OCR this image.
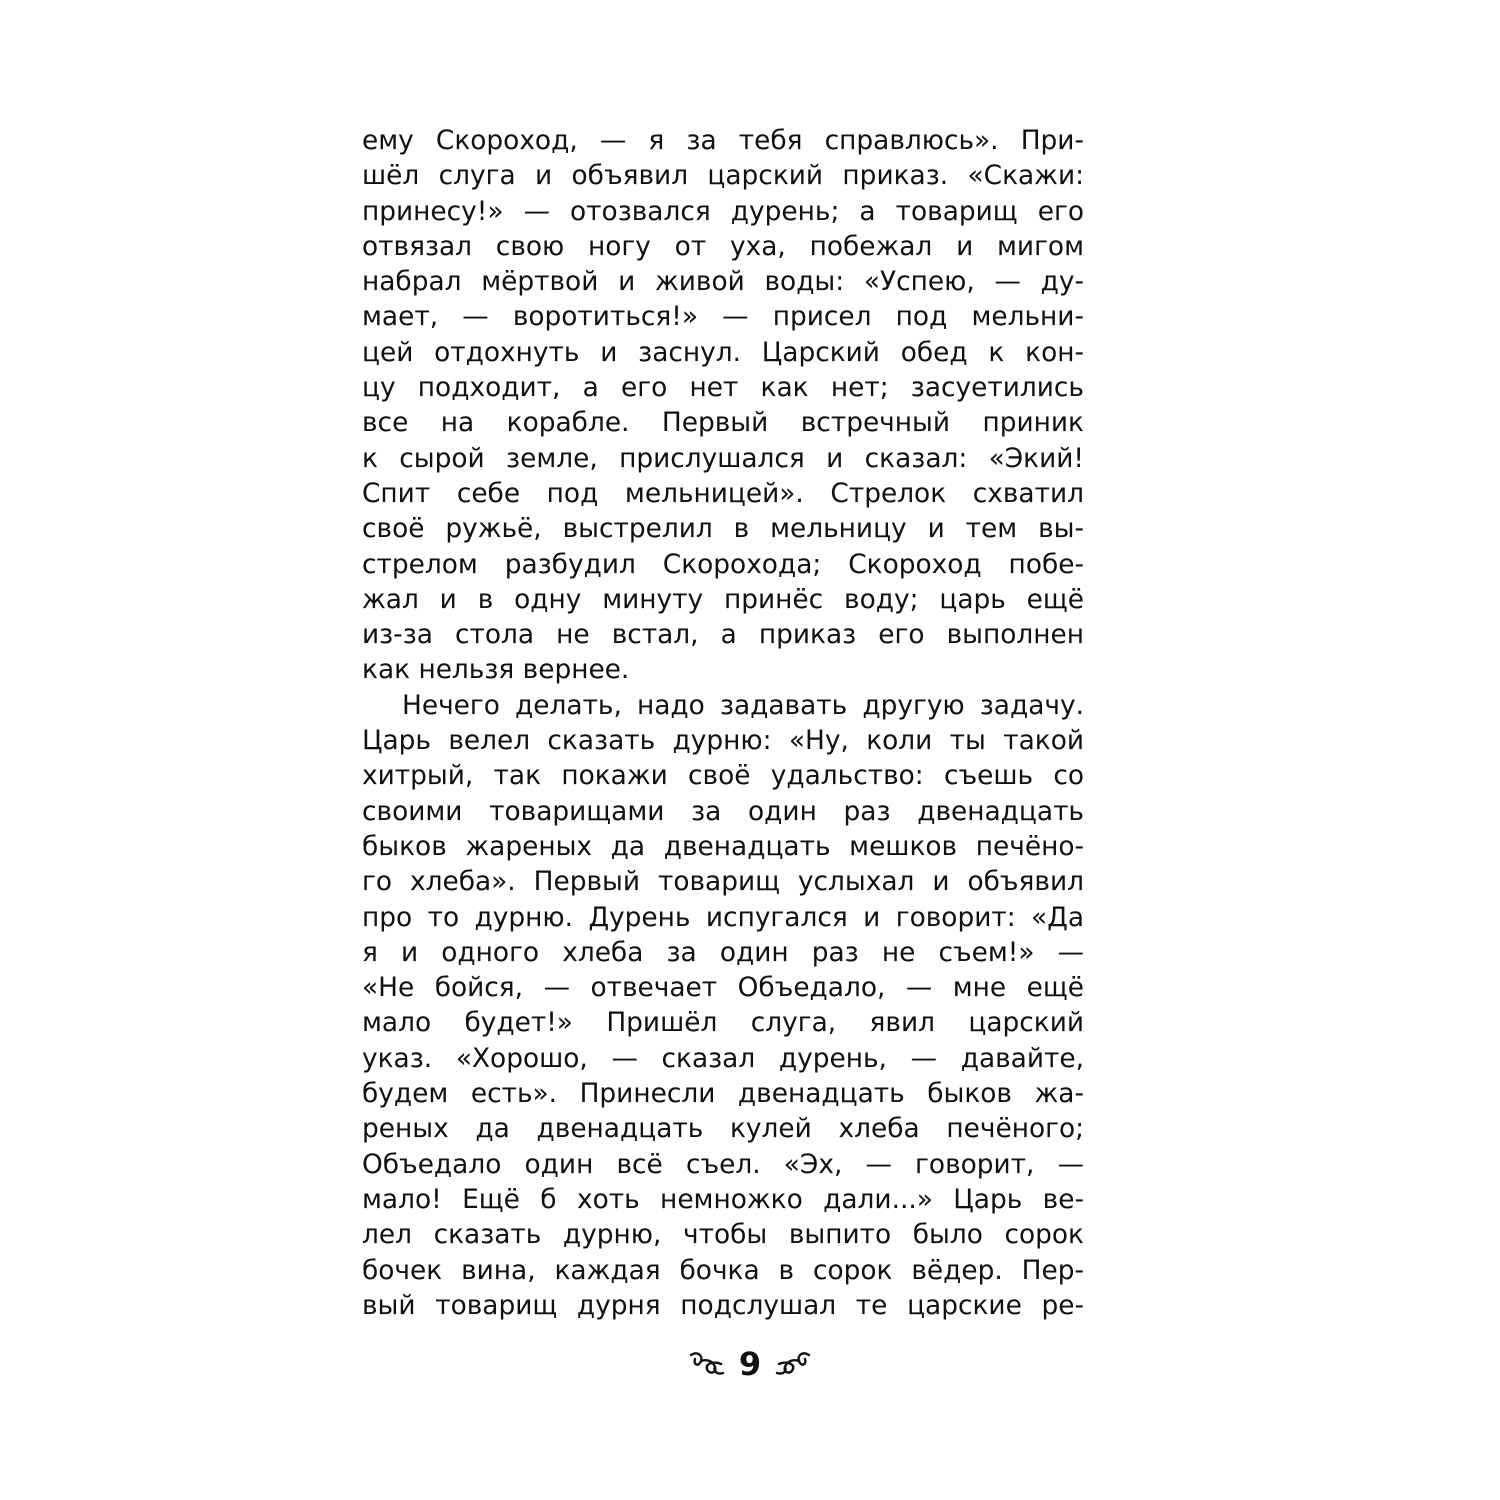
ему Скороход, — я за тебя справлюсь». При-
шёл слуга и объявил царский приказ. «Скажи:
принесу!» — отозвался дурень; а товарищ его
отвязал свою ногу от уха, побежал и мигом
набрал мёртвой и живой воды: «Успею, — ду-
мает, — воротиться!» — присел под мельни-
цей отдохнуть и заснул. Царский обед к кон-
цу подходит, а его нет как нет; засуетились
все на корабле. Первый встречный приник
к сырой земле, прислушался и сказал: «Экий!
Спит себе под мельницей». Стрелок схватил
своё ружьё, выстрелил в мельницу и тем вы-
стрелом разбудил Скорохода; Скороход побе-
жал и в одну минуту принёс воду; царь ещё
из-за стола не встал, а приказ его выполнен
как нельзя вернее.
Нечего делать, надо задавать другую задачу.
Царь велел сказать дурню: «Ну, коли ты такой
хитрый, так покажи своё удальство: съешь со
своими товарищами за один раз двенадцать
быков жареных да двенадцать мешков печёно-
го хлеба». Первый товарищ услыхал и объявил
про то дурню. Дурень испугался и говорит: «Да
я и одного хлеба за один раз не съем!» —
«Не бойся, — отвечает Объедало, — мне ещё
мало будет!» Пришёл слуга, явил царский
указ. «Хорошо, — сказал дурень, — давайте,
будем есть». Принесли двенадцать быков жа-
реных да двенадцать кулей хлеба печёного;
Объедало один всё съел. «Эх, — говорит, —
мало! Ещё б хоть немножко дали...» Царь ве-
лел сказать дурню, чтобы выпито было сорок
бочек вина, каждая бочка в сорок вёдер. Пер-
вый товарищ дурня подслушал те царские ре-
9
